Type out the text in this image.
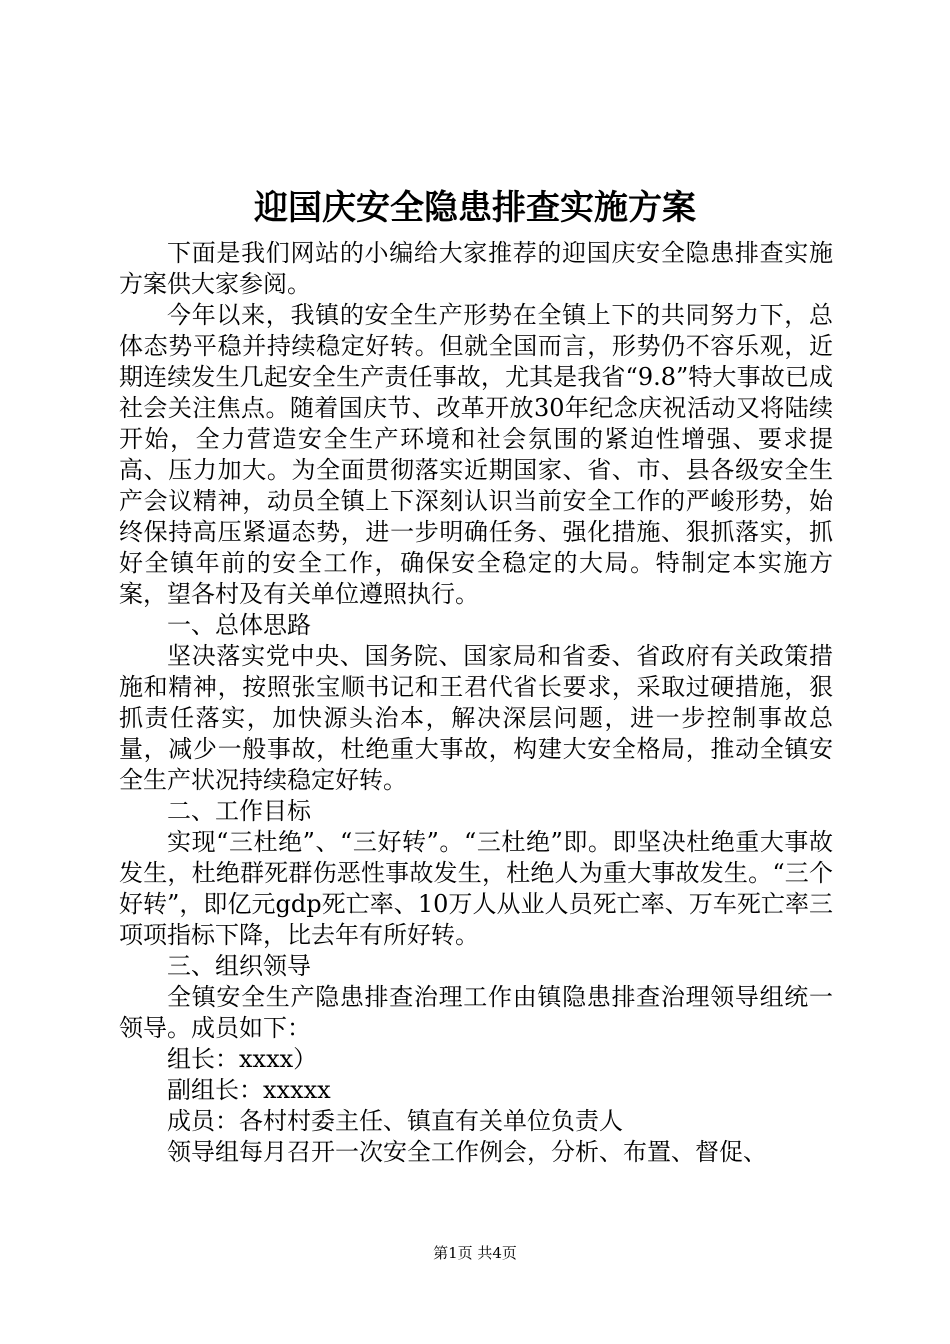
迎国庆安全隐患排查实施方案

下面是我们网站的小编给大家推荐的迎国庆安全隐患排查实施方案供大家参阅。

今年以来，我镇的安全生产形势在全镇上下的共同努力下，总体态势平稳并持续稳定好转。但就全国而言，形势仍不容乐观，近期连续发生几起安全生产责任事故，尤其是我省“9.8”特大事故已成社会关注焦点。随着国庆节、改革开放30年纪念庆祝活动又将陆续开始，全力营造安全生产环境和社会氛围的紧迫性增强、要求提高、压力加大。为全面贯彻落实近期国家、省、市、县各级安全生产会议精神，动员全镇上下深刻认识当前安全工作的严峻形势，始终保持高压紧逼态势，进一步明确任务、强化措施、狠抓落实，抓好全镇年前的安全工作，确保安全稳定的大局。特制定本实施方案，望各村及有关单位遵照执行。

一、总体思路

坚决落实党中央、国务院、国家局和省委、省政府有关政策措施和精神，按照张宝顺书记和王君代省长要求，采取过硬措施，狠抓责任落实，加快源头治本，解决深层问题，进一步控制事故总量，减少一般事故，杜绝重大事故，构建大安全格局，推动全镇安全生产状况持续稳定好转。

二、工作目标

实现“三杜绝”、“三好转”。“三杜绝”即。即坚决杜绝重大事故发生，杜绝群死群伤恶性事故发生，杜绝人为重大事故发生。“三个好转”，即亿元gdp死亡率、10万人从业人员死亡率、万车死亡率三项项指标下降，比去年有所好转。

三、组织领导

全镇安全生产隐患排查治理工作由镇隐患排查治理领导组统一领导。成员如下：

组长：xxxx）

副组长：xxxxx

成员：各村村委主任、镇直有关单位负责人

领导组每月召开一次安全工作例会，分析、布置、督促、

第1页 共4页
